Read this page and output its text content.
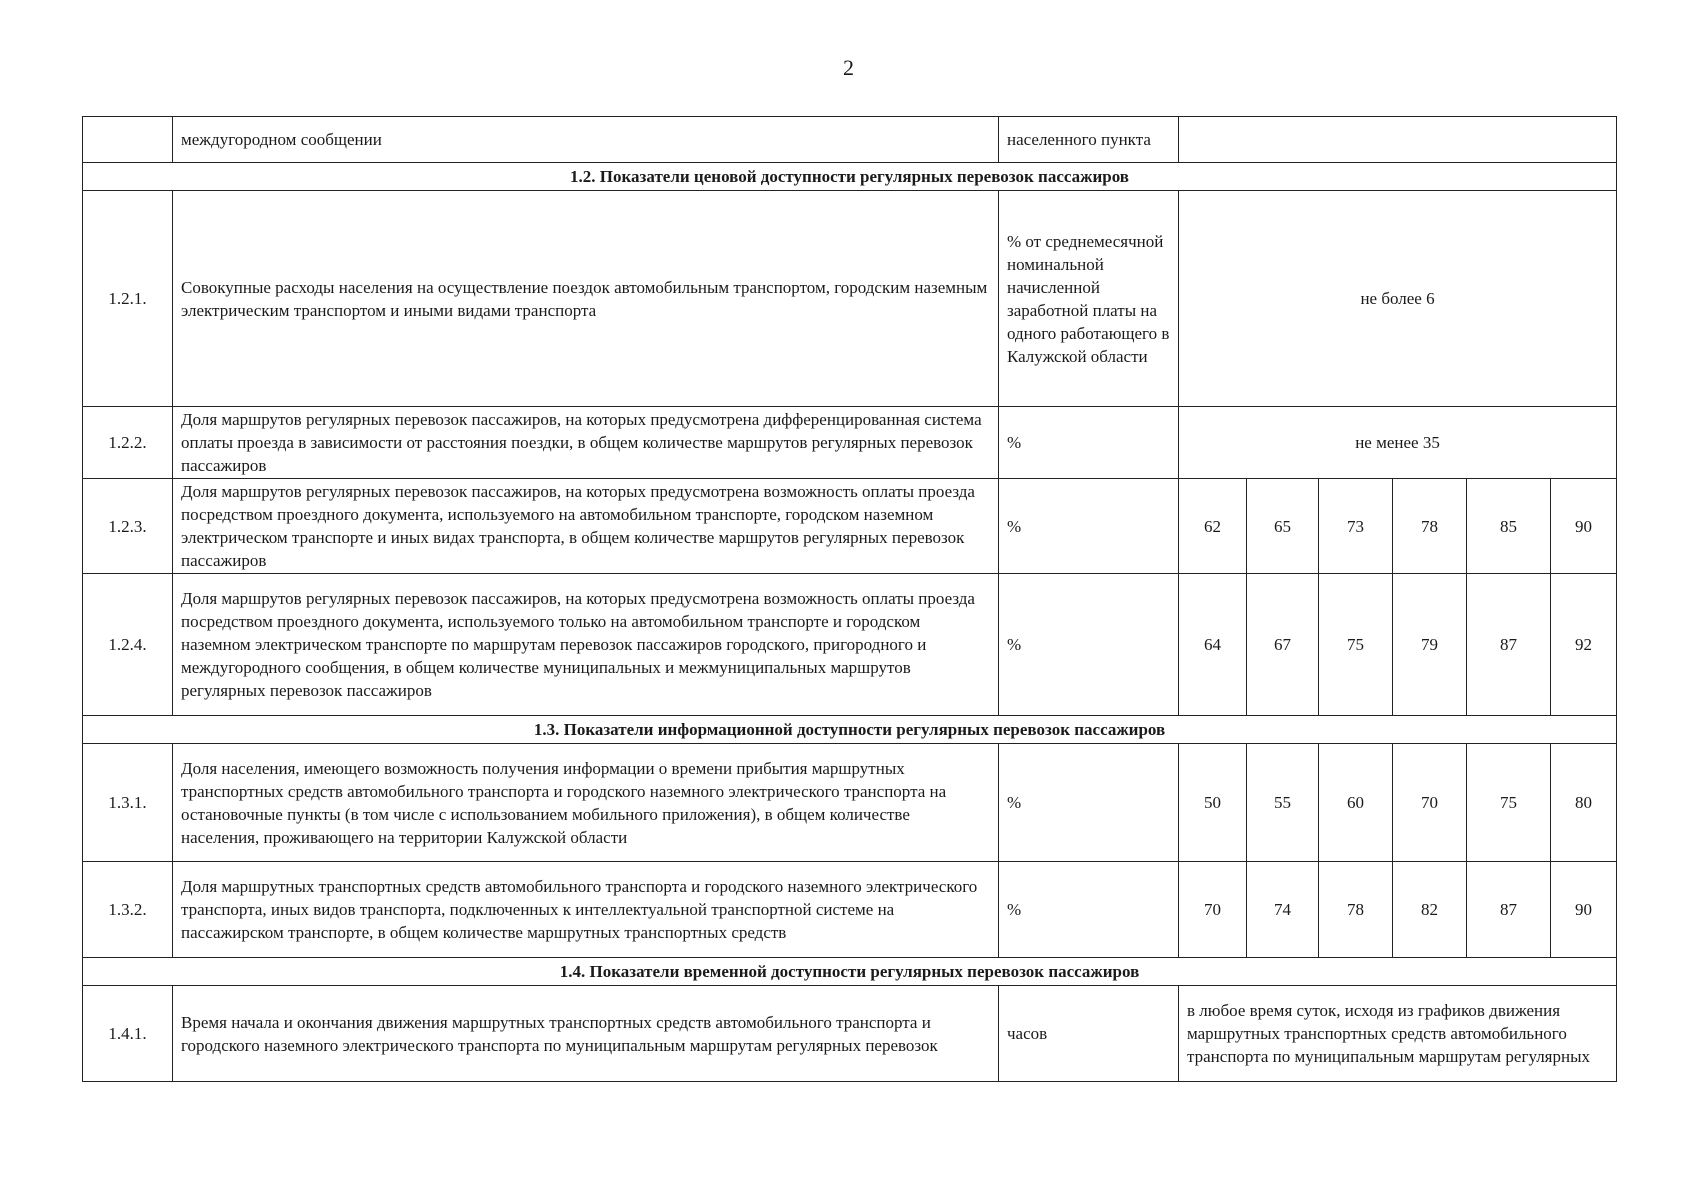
2
	междугородном сообщении	населенного пункта						
1.2. Показатели ценовой доступности регулярных перевозок пассажиров								
1.2.1.	Совокупные расходы населения на осуществление поездок автомобильным транспортом, городским наземным электрическим транспортом и иными видами транспорта	% от среднемесячной номинальной начисленной заработной платы на одного работающего в Калужской области	не более 6					
1.2.2.	Доля маршрутов регулярных перевозок пассажиров, на которых предусмотрена дифференцированная система оплаты проезда в зависимости от расстояния поездки, в общем количестве маршрутов регулярных перевозок пассажиров	%	не менее 35					
1.2.3.	Доля маршрутов регулярных перевозок пассажиров, на которых предусмотрена возможность оплаты проезда посредством проездного документа, используемого на автомобильном транспорте, городском наземном электрическом транспорте и иных видах транспорта, в общем количестве маршрутов регулярных перевозок пассажиров	%	62	65	73	78	85	90
1.2.4.	Доля маршрутов регулярных перевозок пассажиров, на которых предусмотрена возможность оплаты проезда посредством проездного документа, используемого только на автомобильном транспорте и городском наземном электрическом транспорте по маршрутам перевозок пассажиров городского, пригородного и междугородного сообщения, в общем количестве муниципальных и межмуниципальных маршрутов регулярных перевозок пассажиров	%	64	67	75	79	87	92
1.3. Показатели информационной доступности регулярных перевозок пассажиров								
1.3.1.	Доля населения, имеющего возможность получения информации о времени прибытия маршрутных транспортных средств автомобильного транспорта и городского наземного электрического транспорта на остановочные пункты (в том числе с использованием мобильного приложения), в общем количестве населения, проживающего на территории Калужской области	%	50	55	60	70	75	80
1.3.2.	Доля маршрутных транспортных средств автомобильного транспорта и городского наземного электрического транспорта, иных видов транспорта, подключенных к интеллектуальной транспортной системе на пассажирском транспорте, в общем количестве маршрутных транспортных средств	%	70	74	78	82	87	90
1.4. Показатели временной доступности регулярных перевозок пассажиров								
1.4.1.	Время начала и окончания движения маршрутных транспортных средств автомобильного транспорта и городского наземного электрического транспорта по муниципальным маршрутам регулярных перевозок	часов	в любое время суток, исходя из графиков движения маршрутных транспортных средств автомобильного транспорта по муниципальным маршрутам регулярных					
